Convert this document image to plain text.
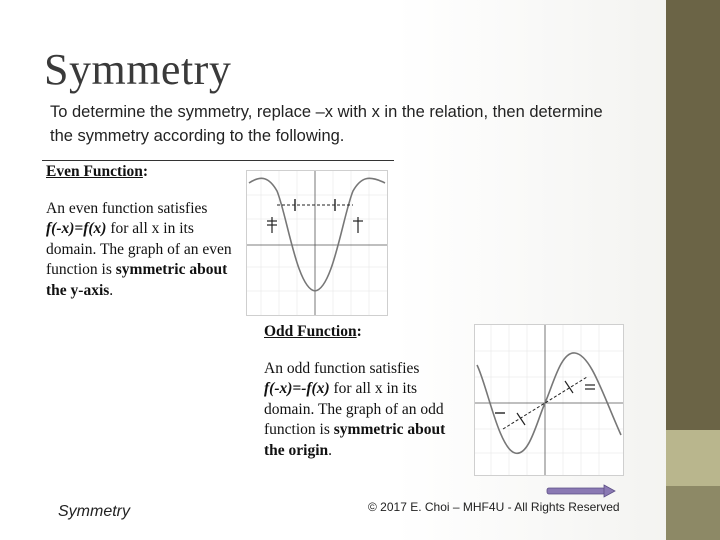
Symmetry
To determine the symmetry, replace –x with x in the relation, then determine the symmetry according to the following.
Even Function:
An even function satisfies
f(-x)=f(x) for all x in its domain. The graph of an even function is symmetric about the y-axis.
Odd Function:
An odd function satisfies
f(-x)=-f(x) for all x in its domain. The graph of an odd function is symmetric about the origin.
Symmetry	© 2017 E. Choi – MHF4U - All Rights Reserved
